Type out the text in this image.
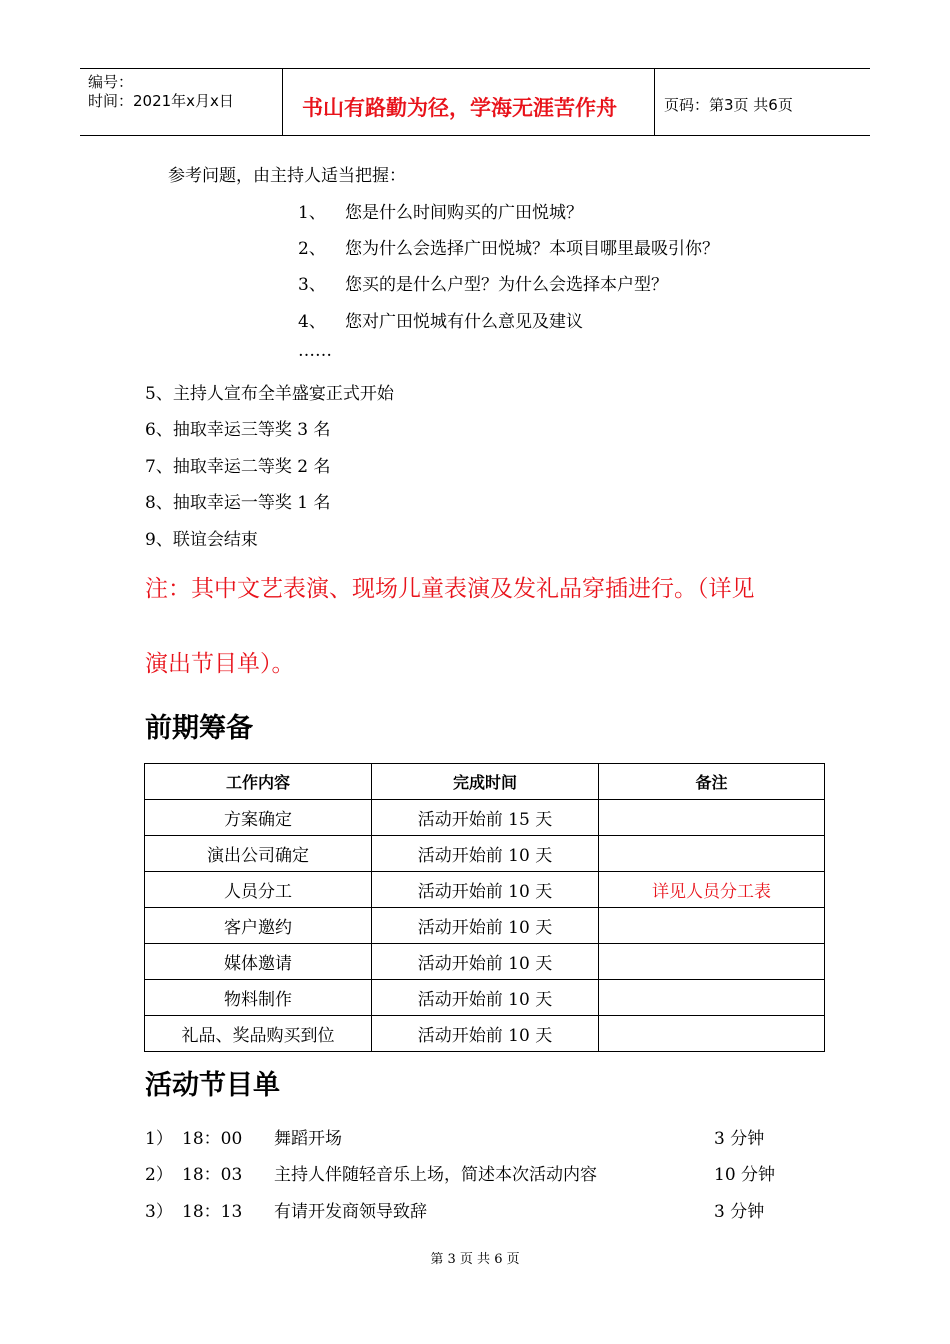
编号：
时间：2021年x月x日	书山有路勤为径，学海无涯苦作舟	页码：第3页 共6页
参考问题，由主持人适当把握：
1、 您是什么时间购买的广田悦城？
2、 您为什么会选择广田悦城？本项目哪里最吸引你？
3、 您买的是什么户型？为什么会选择本户型？
4、 您对广田悦城有什么意见及建议
……
5、主持人宣布全羊盛宴正式开始
6、抽取幸运三等奖 3 名
7、抽取幸运二等奖 2 名
8、抽取幸运一等奖 1 名
9、联谊会结束
注：其中文艺表演、现场儿童表演及发礼品穿插进行。（详见
演出节目单）。
前期筹备
工作内容	完成时间	备注
方案确定	活动开始前 15 天	
演出公司确定	活动开始前 10 天	
人员分工	活动开始前 10 天	详见人员分工表
客户邀约	活动开始前 10 天	
媒体邀请	活动开始前 10 天	
物料制作	活动开始前 10 天	
礼品、奖品购买到位	活动开始前 10 天	
活动节目单
1） 18：00 舞蹈开场	3 分钟
2） 18：03 主持人伴随轻音乐上场，简述本次活动内容	10 分钟
3） 18：13 有请开发商领导致辞	3 分钟
第 3 页 共 6 页
